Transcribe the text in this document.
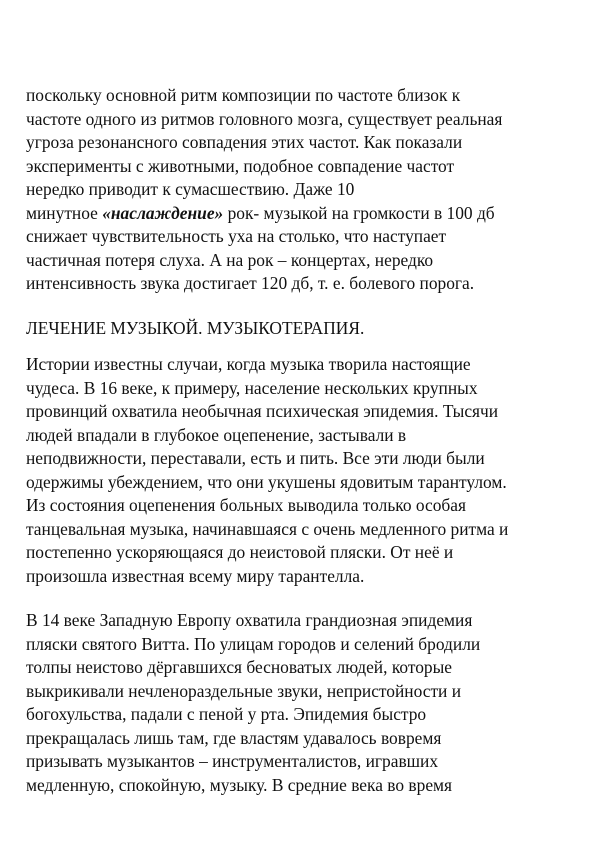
поскольку основной ритм композиции по частоте близок к
частоте одного из ритмов головного мозга, существует реальная
угроза резонансного совпадения этих частот. Как показали
эксперименты с животными, подобное совпадение частот
нередко приводит к сумасшествию. Даже 10
минутное «наслаждение» рок- музыкой на громкости в 100 дб
снижает чувствительность уха на столько, что наступает
частичная потеря слуха. А на рок – концертах, нередко
интенсивность звука достигает 120 дб, т. е. болевого порога.

ЛЕЧЕНИЕ МУЗЫКОЙ. МУЗЫКОТЕРАПИЯ.

Истории известны случаи, когда музыка творила настоящие
чудеса. В 16 веке, к примеру, население нескольких крупных
провинций охватила необычная психическая эпидемия. Тысячи
людей впадали в глубокое оцепенение, застывали в
неподвижности, переставали, есть и пить. Все эти люди были
одержимы убеждением, что они укушены ядовитым тарантулом.
Из состояния оцепенения больных выводила только особая
танцевальная музыка, начинавшаяся с очень медленного ритма и
постепенно ускоряющаяся до неистовой пляски. От неё и
произошла известная всему миру тарантелла.

В 14 веке Западную Европу охватила грандиозная эпидемия
пляски святого Витта. По улицам городов и селений бродили
толпы неистово дёргавшихся бесноватых людей, которые
выкрикивали нечленораздельные звуки, непристойности и
богохульства, падали с пеной у рта. Эпидемия быстро
прекращалась лишь там, где властям удавалось вовремя
призывать музыкантов – инструменталистов, игравших
медленную, спокойную, музыку. В средние века во время
